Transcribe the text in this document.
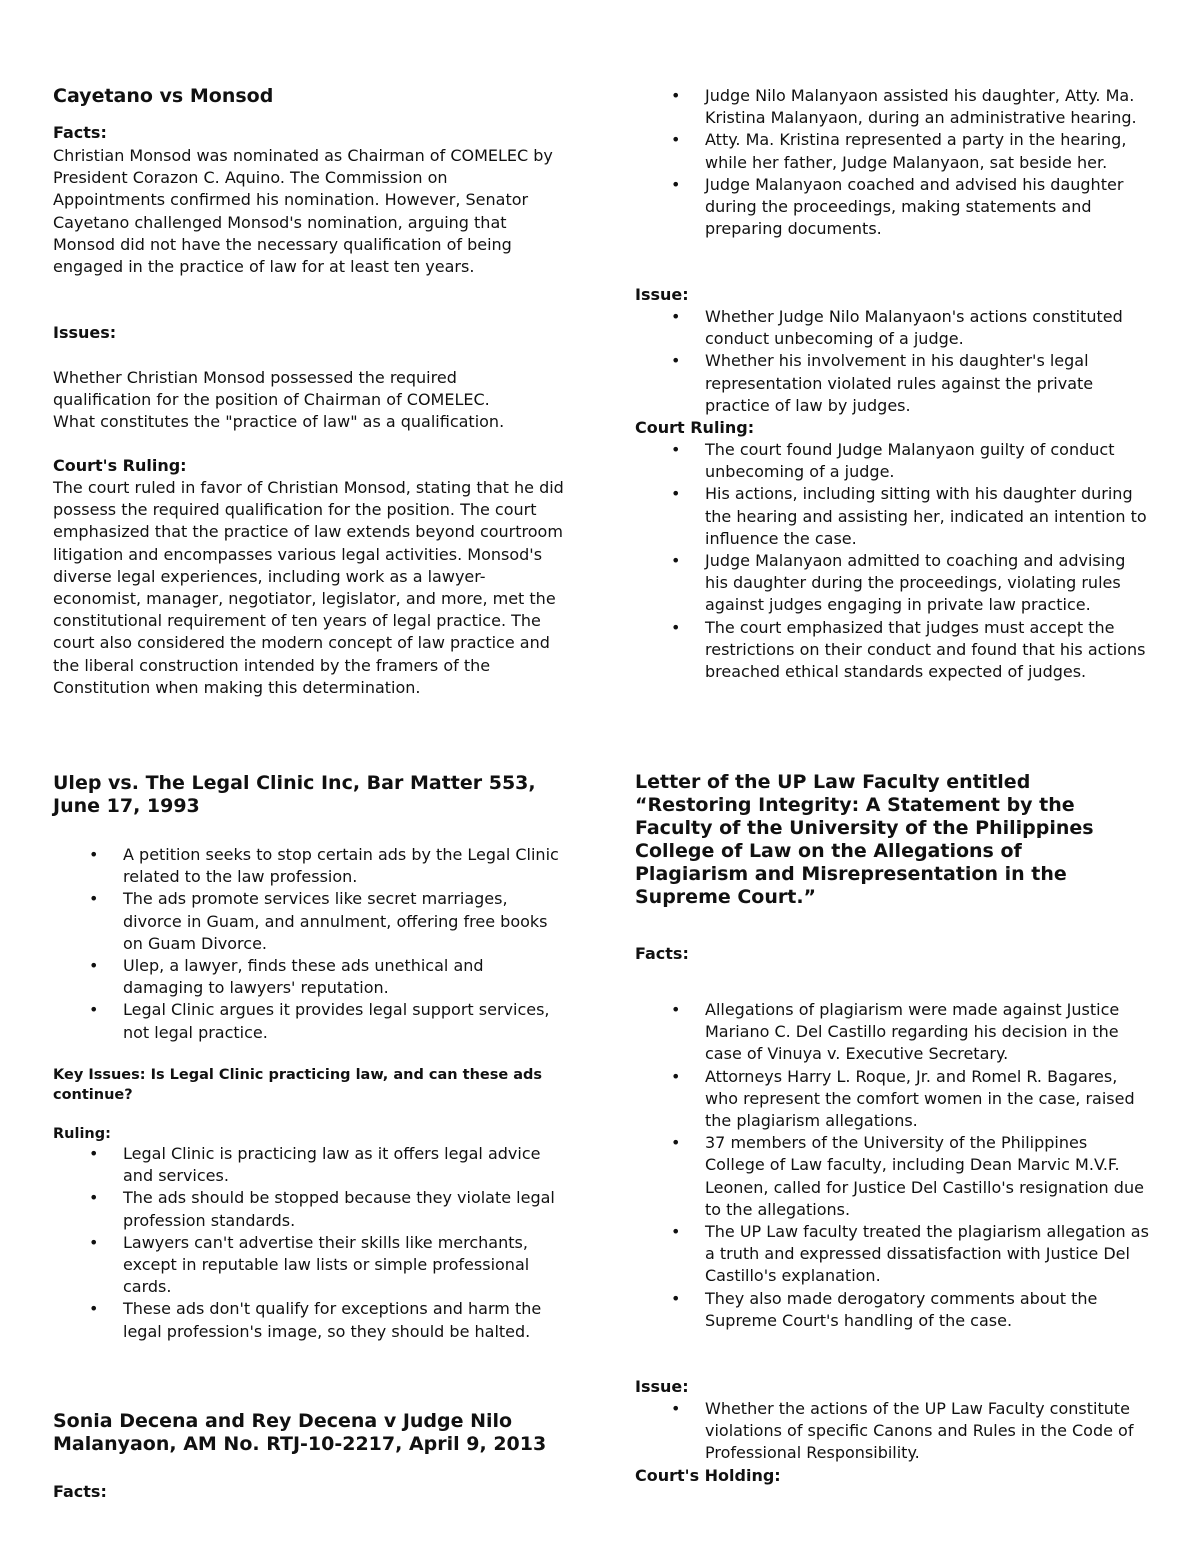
Cayetano vs Monsod

Facts:

Christian Monsod was nominated as Chairman of COMELEC by President Corazon C. Aquino. The Commission on Appointments confirmed his nomination. However, Senator Cayetano challenged Monsod's nomination, arguing that Monsod did not have the necessary qualification of being engaged in the practice of law for at least ten years.

Issues:

Whether Christian Monsod possessed the required qualification for the position of Chairman of COMELEC.

What constitutes the "practice of law" as a qualification.

Court's Ruling:

The court ruled in favor of Christian Monsod, stating that he did possess the required qualification for the position. The court emphasized that the practice of law extends beyond courtroom litigation and encompasses various legal activities. Monsod's diverse legal experiences, including work as a lawyer-economist, manager, negotiator, legislator, and more, met the constitutional requirement of ten years of legal practice. The court also considered the modern concept of law practice and the liberal construction intended by the framers of the Constitution when making this determination.

Ulep vs. The Legal Clinic Inc, Bar Matter 553, June 17, 1993

• A petition seeks to stop certain ads by the Legal Clinic related to the law profession.
• The ads promote services like secret marriages, divorce in Guam, and annulment, offering free books on Guam Divorce.
• Ulep, a lawyer, finds these ads unethical and damaging to lawyers' reputation.
• Legal Clinic argues it provides legal support services, not legal practice.

Key Issues: Is Legal Clinic practicing law, and can these ads continue?

Ruling:

• Legal Clinic is practicing law as it offers legal advice and services.
• The ads should be stopped because they violate legal profession standards.
• Lawyers can't advertise their skills like merchants, except in reputable law lists or simple professional cards.
• These ads don't qualify for exceptions and harm the legal profession's image, so they should be halted.

Sonia Decena and Rey Decena v Judge Nilo Malanyaon, AM No. RTJ-10-2217, April 9, 2013

Facts:

• Judge Nilo Malanyaon assisted his daughter, Atty. Ma. Kristina Malanyaon, during an administrative hearing.
• Atty. Ma. Kristina represented a party in the hearing, while her father, Judge Malanyaon, sat beside her.
• Judge Malanyaon coached and advised his daughter during the proceedings, making statements and preparing documents.

Issue:

• Whether Judge Nilo Malanyaon's actions constituted conduct unbecoming of a judge.
• Whether his involvement in his daughter's legal representation violated rules against the private practice of law by judges.

Court Ruling:

• The court found Judge Malanyaon guilty of conduct unbecoming of a judge.
• His actions, including sitting with his daughter during the hearing and assisting her, indicated an intention to influence the case.
• Judge Malanyaon admitted to coaching and advising his daughter during the proceedings, violating rules against judges engaging in private law practice.
• The court emphasized that judges must accept the restrictions on their conduct and found that his actions breached ethical standards expected of judges.

Letter of the UP Law Faculty entitled “Restoring Integrity: A Statement by the Faculty of the University of the Philippines College of Law on the Allegations of Plagiarism and Misrepresentation in the Supreme Court.”

Facts:

• Allegations of plagiarism were made against Justice Mariano C. Del Castillo regarding his decision in the case of Vinuya v. Executive Secretary.
• Attorneys Harry L. Roque, Jr. and Romel R. Bagares, who represent the comfort women in the case, raised the plagiarism allegations.
• 37 members of the University of the Philippines College of Law faculty, including Dean Marvic M.V.F. Leonen, called for Justice Del Castillo's resignation due to the allegations.
• The UP Law faculty treated the plagiarism allegation as a truth and expressed dissatisfaction with Justice Del Castillo's explanation.
• They also made derogatory comments about the Supreme Court's handling of the case.

Issue:

• Whether the actions of the UP Law Faculty constitute violations of specific Canons and Rules in the Code of Professional Responsibility.

Court's Holding:
